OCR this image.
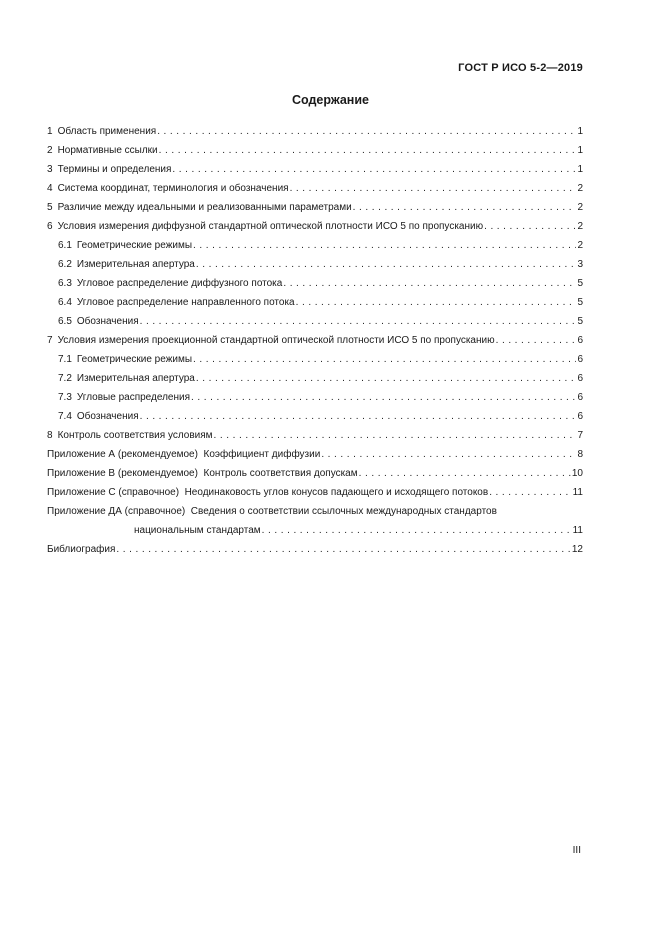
ГОСТ Р ИСО 5-2—2019
Содержание
1 Область применения . . .	1
2 Нормативные ссылки . . .	1
3 Термины и определения . . .	1
4 Система координат, терминология и обозначения . . .	2
5 Различие между идеальными и реализованными параметрами . . .	2
6 Условия измерения диффузной стандартной оптической плотности ИСО 5 по пропусканию . . .	2
6.1 Геометрические режимы . . .	2
6.2 Измерительная апертура . . .	3
6.3 Угловое распределение диффузного потока . . .	5
6.4 Угловое распределение направленного потока . . .	5
6.5 Обозначения . . .	5
7 Условия измерения проекционной стандартной оптической плотности ИСО 5 по пропусканию . . .	6
7.1 Геометрические режимы . . .	6
7.2 Измерительная апертура . . .	6
7.3 Угловые распределения . . .	6
7.4 Обозначения . . .	6
8 Контроль соответствия условиям . . .	7
Приложение А (рекомендуемое)  Коэффициент диффузии . . .	8
Приложение В (рекомендуемое)  Контроль соответствия допускам . . .	10
Приложение С (справочное)  Неодинаковость углов конусов падающего и исходящего потоков . . .	11
Приложение ДА (справочное)  Сведения о соответствии ссылочных международных стандартов
национальным стандартам . . .	11
Библиография . . .	12
III
